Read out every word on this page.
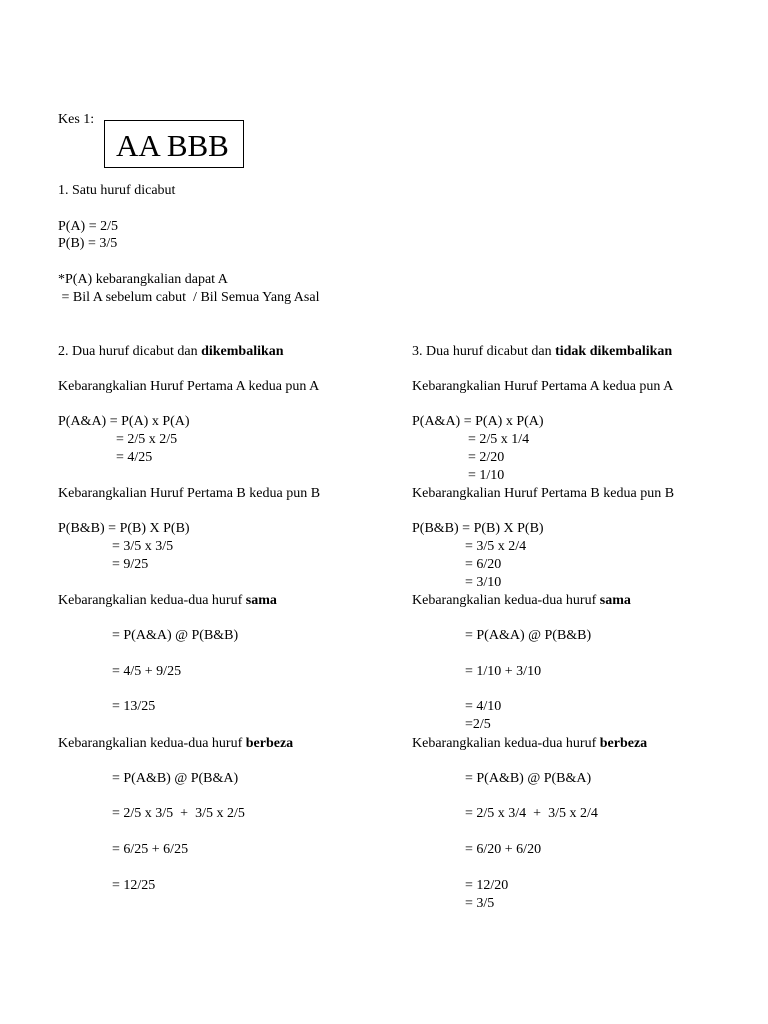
Kes 1:
AA BBB
1. Satu huruf dicabut
P(A) = 2/5
P(B) = 3/5
*P(A) kebarangkalian dapat A
= Bil A sebelum cabut  / Bil Semua Yang Asal
2. Dua huruf dicabut dan dikembalikan
Kebarangkalian Huruf Pertama A kedua pun A
P(A&A) = P(A) x P(A)
= 2/5 x 2/5
= 4/25
Kebarangkalian Huruf Pertama B kedua pun B
P(B&B) = P(B) X P(B)
= 3/5 x 3/5
= 9/25
Kebarangkalian kedua-dua huruf sama
= P(A&A) @ P(B&B)
= 4/5 + 9/25
= 13/25
Kebarangkalian kedua-dua huruf berbeza
= P(A&B) @ P(B&A)
= 2/5 x 3/5  +  3/5 x 2/5
= 6/25 + 6/25
= 12/25
3. Dua huruf dicabut dan tidak dikembalikan
Kebarangkalian Huruf Pertama A kedua pun A
P(A&A) = P(A) x P(A)
= 2/5 x 1/4
= 2/20
= 1/10
Kebarangkalian Huruf Pertama B kedua pun B
P(B&B) = P(B) X P(B)
= 3/5 x 2/4
= 6/20
= 3/10
Kebarangkalian kedua-dua huruf sama
= P(A&A) @ P(B&B)
= 1/10 + 3/10
= 4/10
=2/5
Kebarangkalian kedua-dua huruf berbeza
= P(A&B) @ P(B&A)
= 2/5 x 3/4  +  3/5 x 2/4
= 6/20 + 6/20
= 12/20
= 3/5
